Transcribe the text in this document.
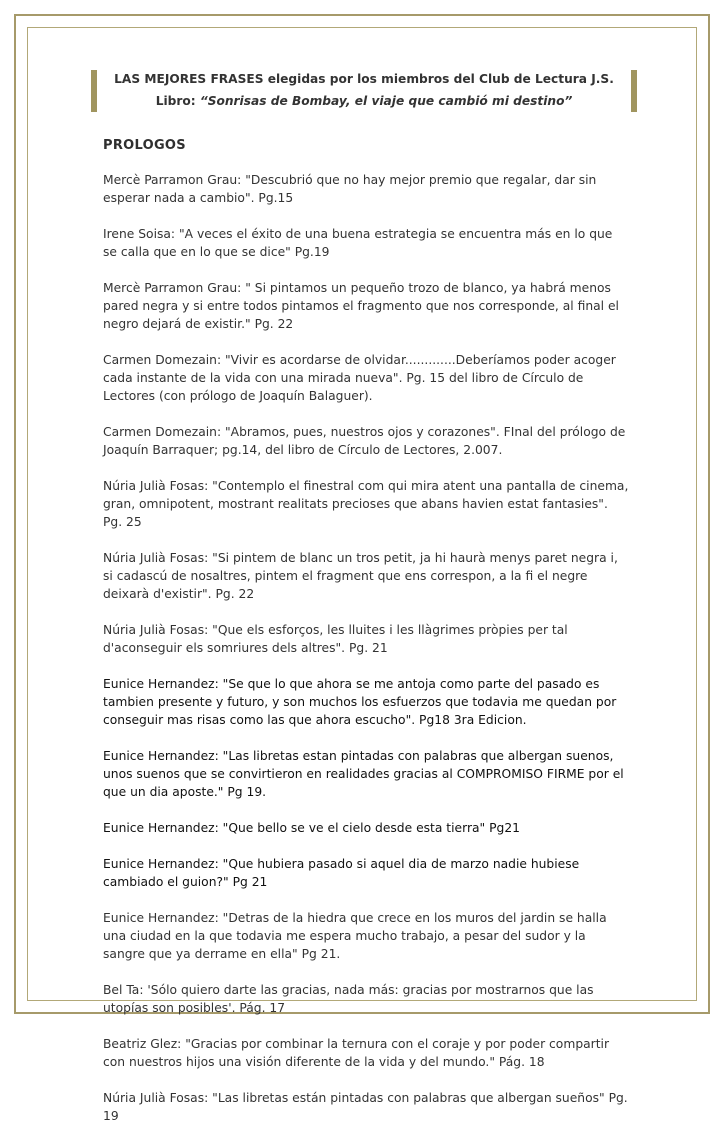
LAS MEJORES FRASES elegidas por los miembros del Club de Lectura J.S.
Libro: “Sonrisas de Bombay, el viaje que cambió mi destino”
PROLOGOS

Mercè Parramon Grau: "Descubrió que no hay mejor premio que regalar, dar sin esperar nada a cambio". Pg.15

Irene Soisa: "A veces el éxito de una buena estrategia se encuentra más en lo que se calla que en lo que se dice" Pg.19

Mercè Parramon Grau: " Si pintamos un pequeño trozo de blanco, ya habrá menos pared negra y si entre todos pintamos el fragmento que nos corresponde, al final el negro dejará de existir." Pg. 22

Carmen Domezain: "Vivir es acordarse de olvidar.............Deberíamos poder acoger cada instante de la vida con una mirada nueva". Pg. 15 del libro de Círculo de Lectores (con prólogo de Joaquín Balaguer).

Carmen Domezain: "Abramos, pues, nuestros ojos y corazones". FInal del prólogo de Joaquín Barraquer; pg.14, del libro de Círculo de Lectores, 2.007.

Núria Julià Fosas: "Contemplo el finestral com qui mira atent una pantalla de cinema, gran, omnipotent, mostrant realitats precioses que abans havien estat fantasies". Pg. 25

Núria Julià Fosas: "Si pintem de blanc un tros petit, ja hi haurà menys paret negra i, si cadascú de nosaltres, pintem el fragment que ens correspon, a la fi el negre deixarà d'existir". Pg. 22

Núria Julià Fosas: "Que els esforços, les lluites i les llàgrimes pròpies per tal d'aconseguir els somriures dels altres". Pg. 21

Eunice Hernandez: "Se que lo que ahora se me antoja como parte del pasado es tambien presente y futuro, y son muchos los esfuerzos que todavia me quedan por conseguir mas risas como las que ahora escucho". Pg18 3ra Edicion.

Eunice Hernandez: "Las libretas estan pintadas con palabras que albergan suenos, unos suenos que se convirtieron en realidades gracias al COMPROMISO FIRME por el que un dia aposte." Pg 19.

Eunice Hernandez: "Que bello se ve el cielo desde esta tierra" Pg21

Eunice Hernandez: "Que hubiera pasado si aquel dia de marzo nadie hubiese cambiado el guion?" Pg 21

Eunice Hernandez: "Detras de la hiedra que crece en los muros del jardin se halla una ciudad en la que todavia me espera mucho trabajo, a pesar del sudor y la sangre que ya derrame en ella" Pg 21.

Bel Ta: 'Sólo quiero darte las gracias, nada más: gracias por mostrarnos que las utopías son posibles'. Pág. 17

Beatriz Glez: "Gracias por combinar la ternura con el coraje y por poder compartir con nuestros hijos una visión diferente de la vida y del mundo." Pág. 18

Núria Julià Fosas: "Las libretas están pintadas con palabras que albergan sueños" Pg. 19
